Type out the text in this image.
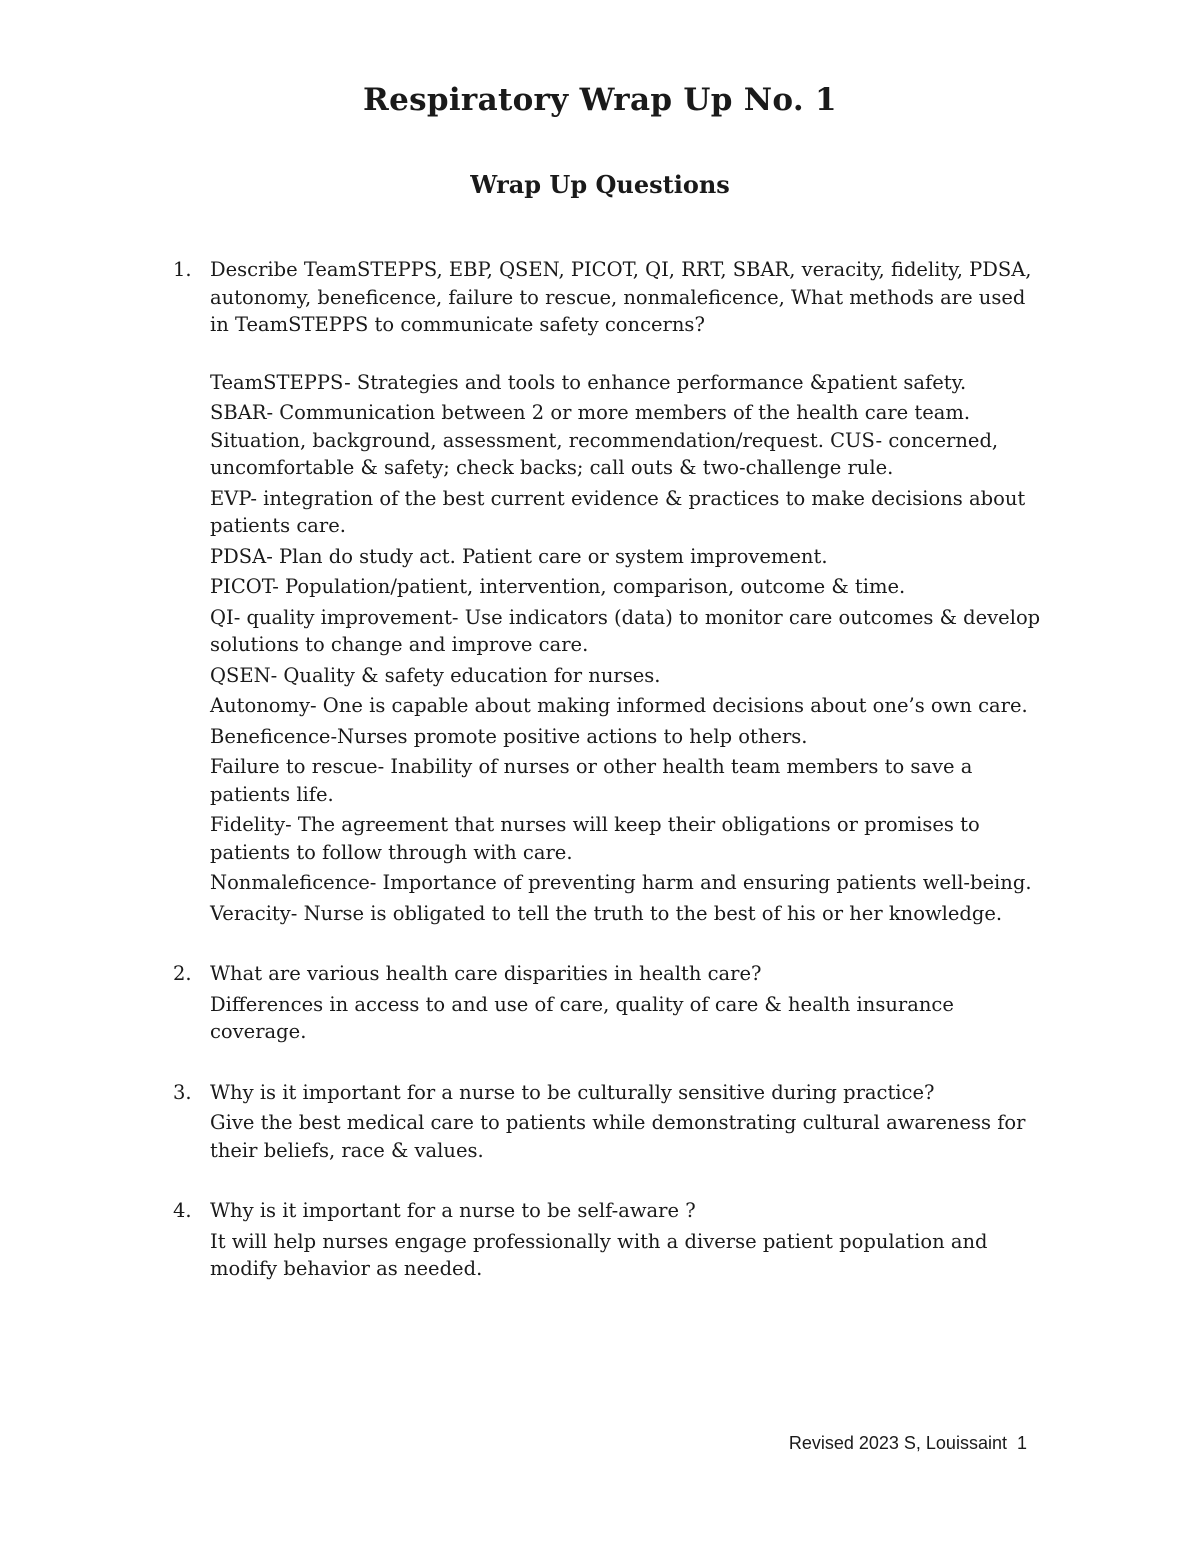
Respiratory Wrap Up No. 1
Wrap Up Questions
1. Describe TeamSTEPPS, EBP, QSEN, PICOT, QI, RRT, SBAR, veracity, fidelity, PDSA, autonomy, beneficence, failure to rescue, nonmaleficence, What methods are used in TeamSTEPPS to communicate safety concerns?
TeamSTEPPS- Strategies and tools to enhance performance &patient safety.
SBAR- Communication between 2 or more members of the health care team. Situation, background, assessment, recommendation/request. CUS- concerned, uncomfortable & safety; check backs; call outs & two-challenge rule.
EVP- integration of the best current evidence & practices to make decisions about patients care.
PDSA- Plan do study act. Patient care or system improvement.
PICOT- Population/patient, intervention, comparison, outcome & time.
QI- quality improvement- Use indicators (data) to monitor care outcomes & develop solutions to change and improve care.
QSEN- Quality & safety education for nurses.
Autonomy- One is capable about making informed decisions about one’s own care.
Beneficence-Nurses promote positive actions to help others.
Failure to rescue- Inability of nurses or other health team members to save a patients life.
Fidelity- The agreement that nurses will keep their obligations or promises to patients to follow through with care.
Nonmaleficence- Importance of preventing harm and ensuring patients well-being.
Veracity- Nurse is obligated to tell the truth to the best of his or her knowledge.
2. What are various health care disparities in health care?
Differences in access to and use of care, quality of care & health insurance coverage.
3. Why is it important for a nurse to be culturally sensitive during practice?
Give the best medical care to patients while demonstrating cultural awareness for their beliefs, race & values.
4. Why is it important for a nurse to be self-aware ?
It will help nurses engage professionally with a diverse patient population and modify behavior as needed.
Revised 2023 S, Louissaint 1
